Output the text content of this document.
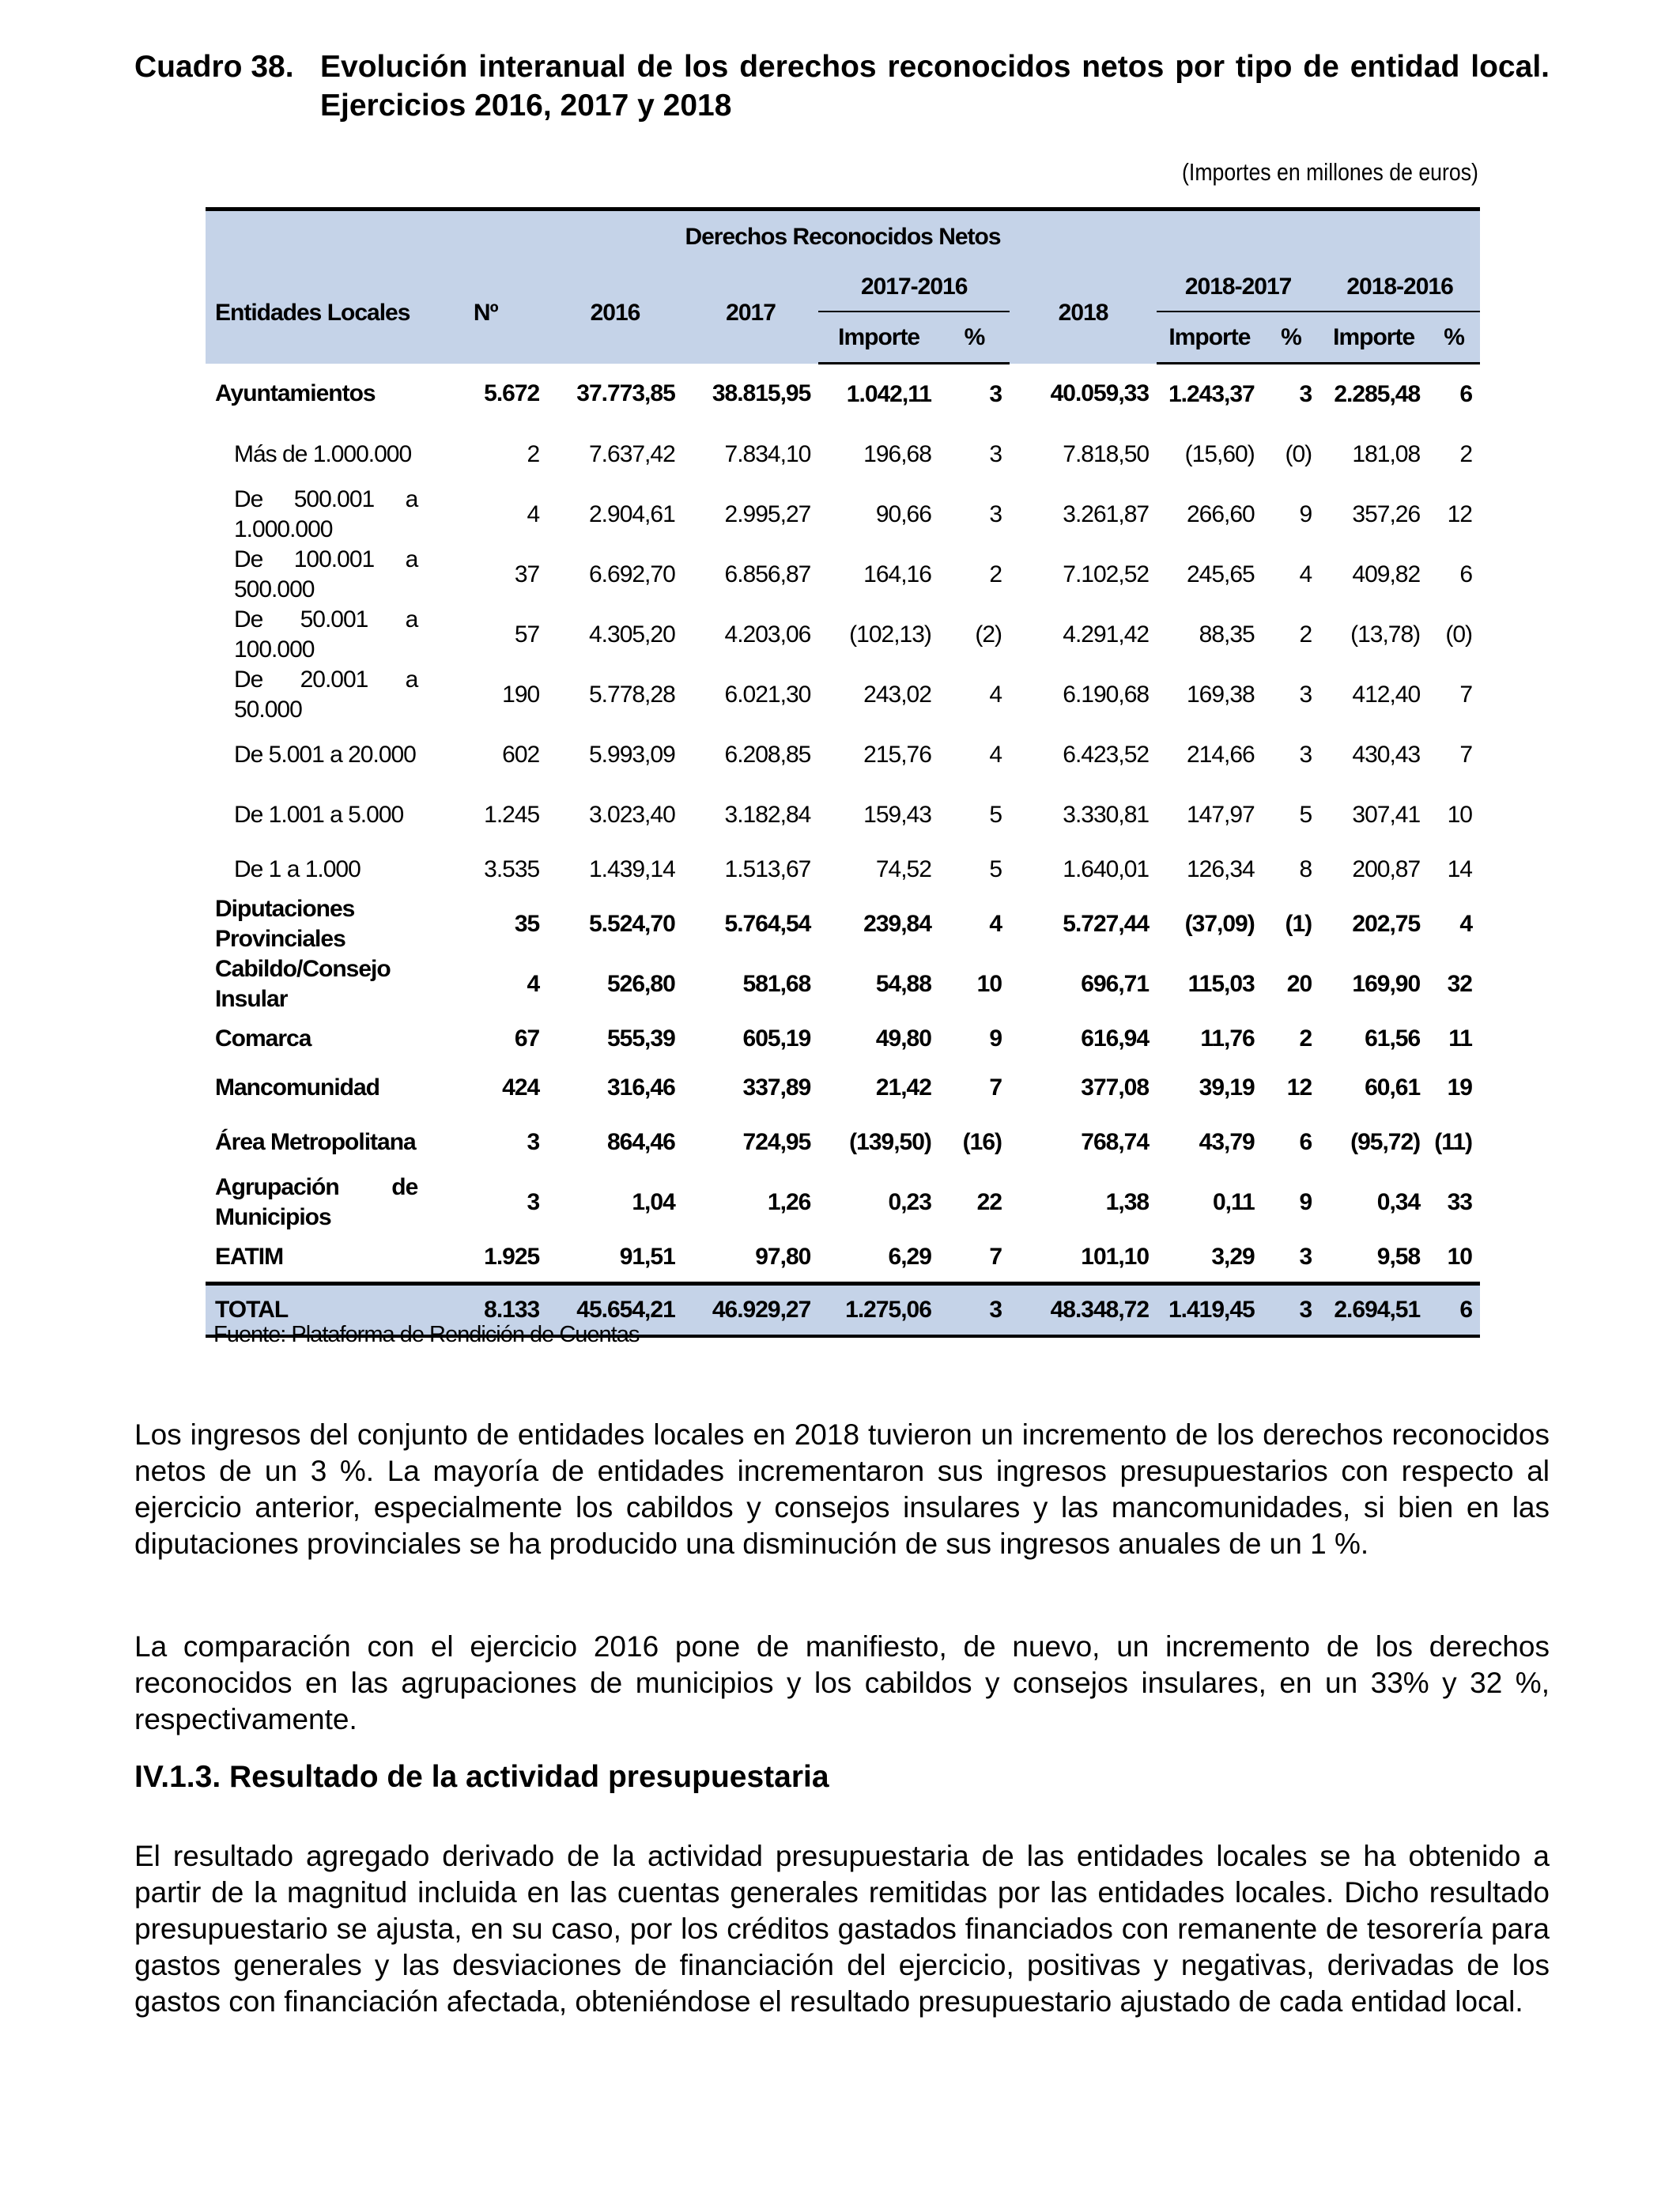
Cuadro 38. Evolución interanual de los derechos reconocidos netos por tipo de entidad local. Ejercicios 2016, 2017 y 2018
(Importes en millones de euros)
Derechos Reconocidos Netos										
Entidades Locales	Nº	2016	2017	2017-2016		2018	2018-2017		2018-2016	
				Importe	%		Importe	%	Importe	%
Ayuntamientos	5.672	37.773,85	38.815,95	1.042,11	3	40.059,33	1.243,37	3	2.285,48	6
Más de 1.000.000	2	7.637,42	7.834,10	196,68	3	7.818,50	(15,60)	(0)	181,08	2
De 500.001 a 1.000.000	4	2.904,61	2.995,27	90,66	3	3.261,87	266,60	9	357,26	12
De 100.001 a 500.000	37	6.692,70	6.856,87	164,16	2	7.102,52	245,65	4	409,82	6
De 50.001 a 100.000	57	4.305,20	4.203,06	(102,13)	(2)	4.291,42	88,35	2	(13,78)	(0)
De 20.001 a 50.000	190	5.778,28	6.021,30	243,02	4	6.190,68	169,38	3	412,40	7
De 5.001 a 20.000	602	5.993,09	6.208,85	215,76	4	6.423,52	214,66	3	430,43	7
De 1.001 a 5.000	1.245	3.023,40	3.182,84	159,43	5	3.330,81	147,97	5	307,41	10
De 1 a 1.000	3.535	1.439,14	1.513,67	74,52	5	1.640,01	126,34	8	200,87	14
Diputaciones Provinciales	35	5.524,70	5.764,54	239,84	4	5.727,44	(37,09)	(1)	202,75	4
Cabildo/Consejo Insular	4	526,80	581,68	54,88	10	696,71	115,03	20	169,90	32
Comarca	67	555,39	605,19	49,80	9	616,94	11,76	2	61,56	11
Mancomunidad	424	316,46	337,89	21,42	7	377,08	39,19	12	60,61	19
Área Metropolitana	3	864,46	724,95	(139,50)	(16)	768,74	43,79	6	(95,72)	(11)
Agrupación de Municipios	3	1,04	1,26	0,23	22	1,38	0,11	9	0,34	33
EATIM	1.925	91,51	97,80	6,29	7	101,10	3,29	3	9,58	10
TOTAL	8.133	45.654,21	46.929,27	1.275,06	3	48.348,72	1.419,45	3	2.694,51	6
Fuente: Plataforma de Rendición de Cuentas
Los ingresos del conjunto de entidades locales en 2018 tuvieron un incremento de los derechos reconocidos netos de un 3 %. La mayoría de entidades incrementaron sus ingresos presupuestarios con respecto al ejercicio anterior, especialmente los cabildos y consejos insulares y las mancomunidades, si bien en las diputaciones provinciales se ha producido una disminución de sus ingresos anuales de un 1 %.
La comparación con el ejercicio 2016 pone de manifiesto, de nuevo, un incremento de los derechos reconocidos en las agrupaciones de municipios y los cabildos y consejos insulares, en un 33% y 32 %, respectivamente.
IV.1.3. Resultado de la actividad presupuestaria
El resultado agregado derivado de la actividad presupuestaria de las entidades locales se ha obtenido a partir de la magnitud incluida en las cuentas generales remitidas por las entidades locales. Dicho resultado presupuestario se ajusta, en su caso, por los créditos gastados financiados con remanente de tesorería para gastos generales y las desviaciones de financiación del ejercicio, positivas y negativas, derivadas de los gastos con financiación afectada, obteniéndose el resultado presupuestario ajustado de cada entidad local.
